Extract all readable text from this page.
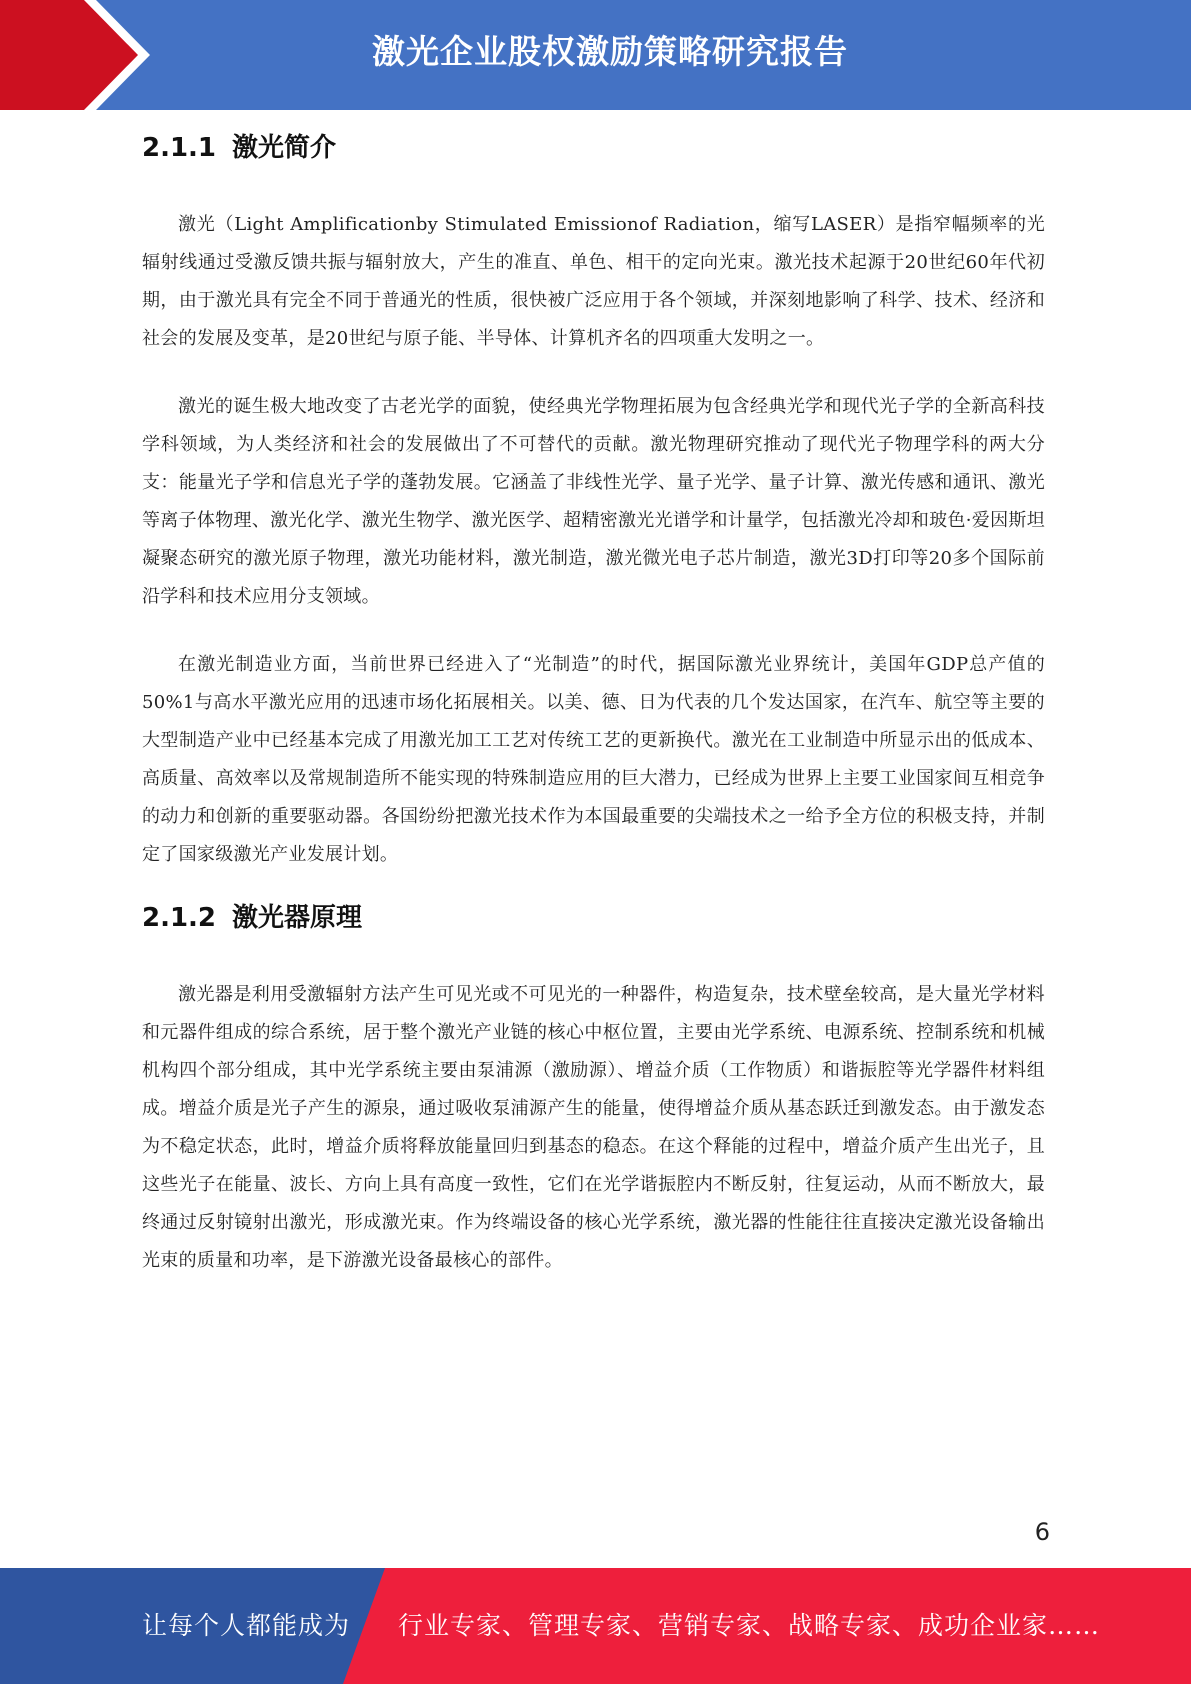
激光企业股权激励策略研究报告
2.1.1 激光简介

激光（Light Amplificationby Stimulated Emissionof Radiation，缩写LASER）是指窄幅频率的光辐射线通过受激反馈共振与辐射放大，产生的准直、单色、相干的定向光束。激光技术起源于20世纪60年代初期，由于激光具有完全不同于普通光的性质，很快被广泛应用于各个领域，并深刻地影响了科学、技术、经济和社会的发展及变革，是20世纪与原子能、半导体、计算机齐名的四项重大发明之一。

激光的诞生极大地改变了古老光学的面貌，使经典光学物理拓展为包含经典光学和现代光子学的全新高科技学科领域，为人类经济和社会的发展做出了不可替代的贡献。激光物理研究推动了现代光子物理学科的两大分支：能量光子学和信息光子学的蓬勃发展。它涵盖了非线性光学、量子光学、量子计算、激光传感和通讯、激光等离子体物理、激光化学、激光生物学、激光医学、超精密激光光谱学和计量学，包括激光冷却和玻色·爱因斯坦凝聚态研究的激光原子物理，激光功能材料，激光制造，激光微光电子芯片制造，激光3D打印等20多个国际前沿学科和技术应用分支领域。

在激光制造业方面，当前世界已经进入了“光制造”的时代，据国际激光业界统计，美国年GDP总产值的50%1与高水平激光应用的迅速市场化拓展相关。以美、德、日为代表的几个发达国家，在汽车、航空等主要的大型制造产业中已经基本完成了用激光加工工艺对传统工艺的更新换代。激光在工业制造中所显示出的低成本、高质量、高效率以及常规制造所不能实现的特殊制造应用的巨大潜力，已经成为世界上主要工业国家间互相竞争的动力和创新的重要驱动器。各国纷纷把激光技术作为本国最重要的尖端技术之一给予全方位的积极支持，并制定了国家级激光产业发展计划。

2.1.2 激光器原理

激光器是利用受激辐射方法产生可见光或不可见光的一种器件，构造复杂，技术壁垒较高，是大量光学材料和元器件组成的综合系统，居于整个激光产业链的核心中枢位置，主要由光学系统、电源系统、控制系统和机械机构四个部分组成，其中光学系统主要由泵浦源（激励源）、增益介质（工作物质）和谐振腔等光学器件材料组成。增益介质是光子产生的源泉，通过吸收泵浦源产生的能量，使得增益介质从基态跃迁到激发态。由于激发态为不稳定状态，此时，增益介质将释放能量回归到基态的稳态。在这个释能的过程中，增益介质产生出光子，且这些光子在能量、波长、方向上具有高度一致性，它们在光学谐振腔内不断反射，往复运动，从而不断放大，最终通过反射镜射出激光，形成激光束。作为终端设备的核心光学系统，激光器的性能往往直接决定激光设备输出光束的质量和功率，是下游激光设备最核心的部件。

6
让每个人都能成为 行业专家、管理专家、营销专家、战略专家、成功企业家……
